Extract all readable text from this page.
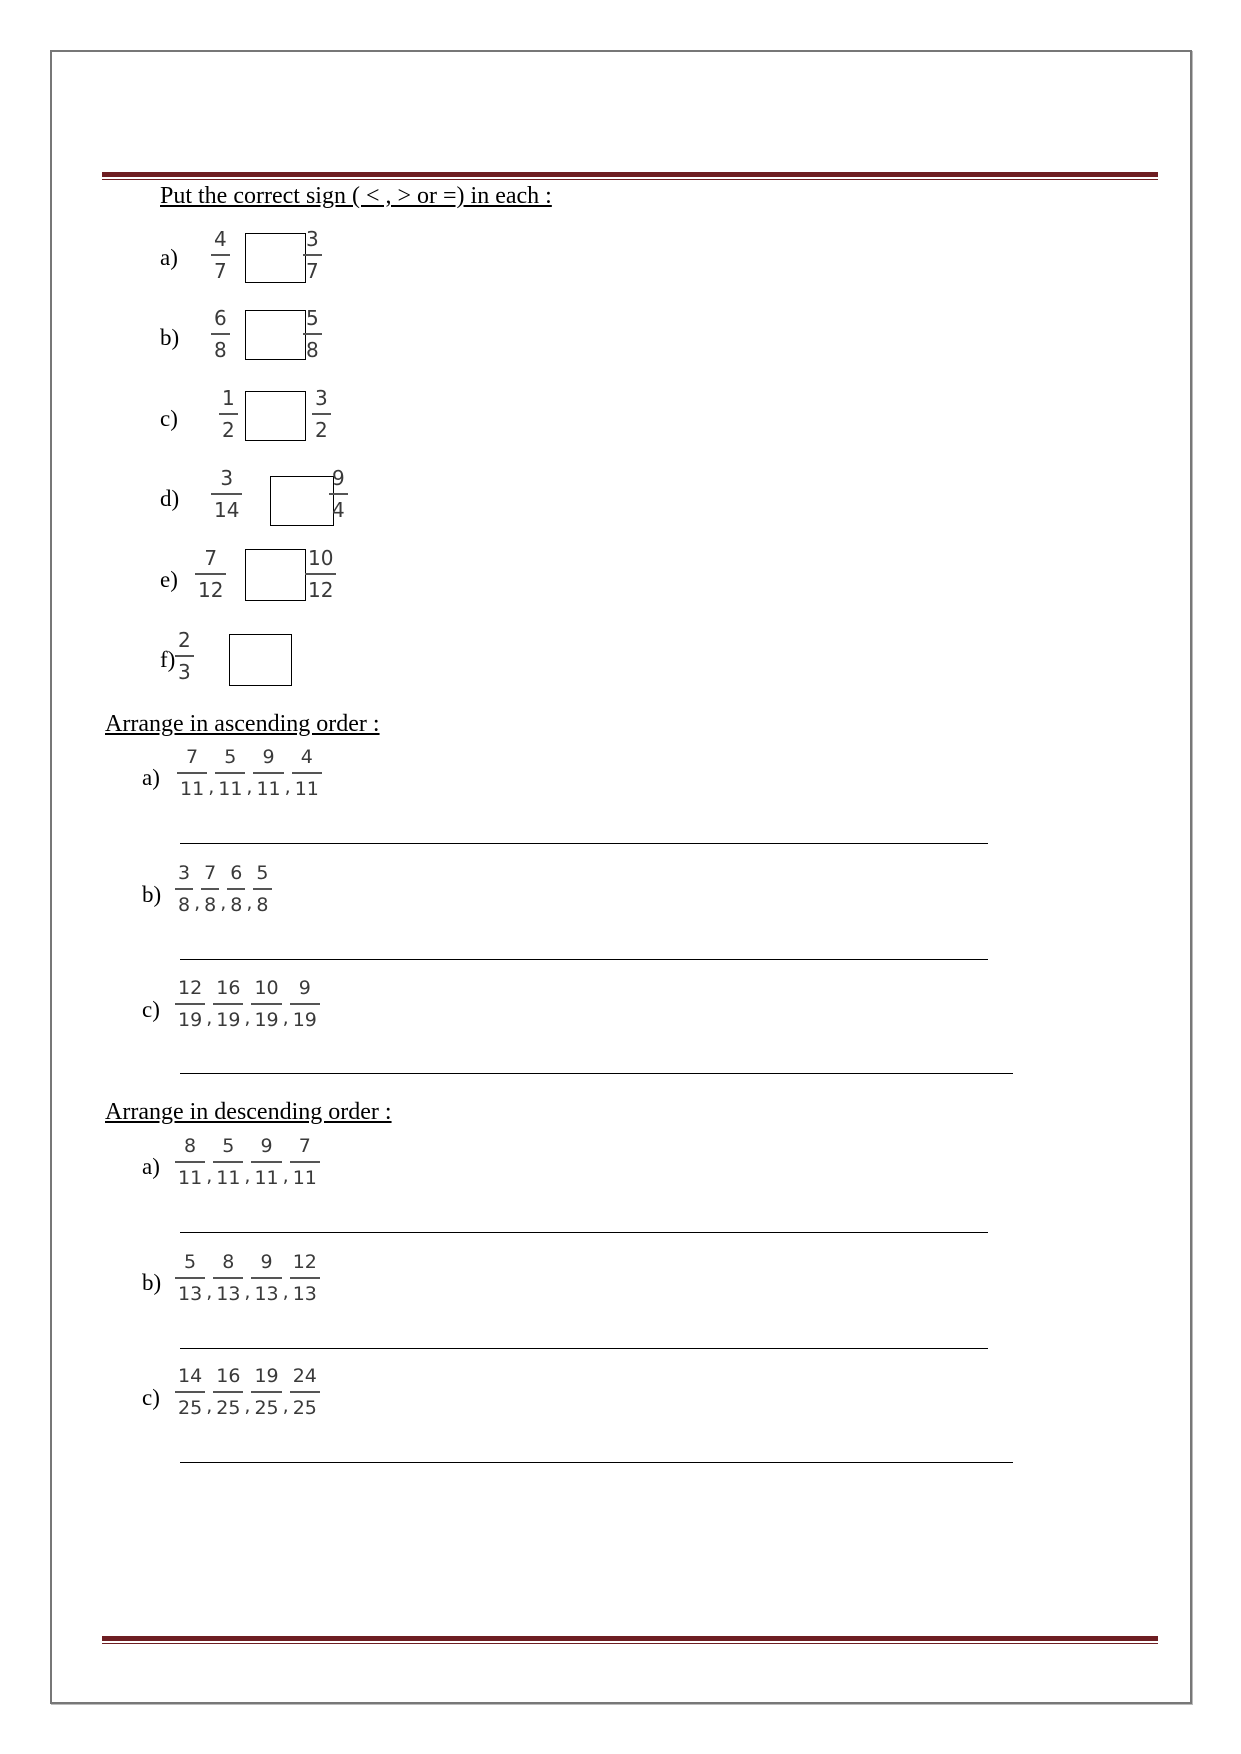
Put the correct sign ( < , > or =) in each :
a)
4
7
3
7
b)
6
8
5
8
c)
1
2
3
2
d)
3
14
9
4
e)
7
12
10
12
f)
2
3
Arrange in ascending order :
$a) \frac{7}{11}$ , $\frac{5}{11}$ , $\frac{9}{11}$ , $\frac{4}{11}$
$b) \frac{3}{8}$ , $\frac{7}{8}$ , $\frac{6}{8}$ , $\frac{5}{8}$
$c) \frac{12}{19}$ , $\frac{16}{19}$ , $\frac{10}{19}$ , $\frac{9}{19}$
Arrange in descending order :
$a) \frac{8}{11}$ , $\frac{5}{11}$ , $\frac{9}{11}$ , $\frac{7}{11}$
$b) \frac{5}{13}$ , $\frac{8}{13}$ , $\frac{9}{13}$ , $\frac{12}{13}$
$c) \frac{14}{25}$ , $\frac{16}{25}$ , $\frac{19}{25}$ , $\frac{24}{25}$
